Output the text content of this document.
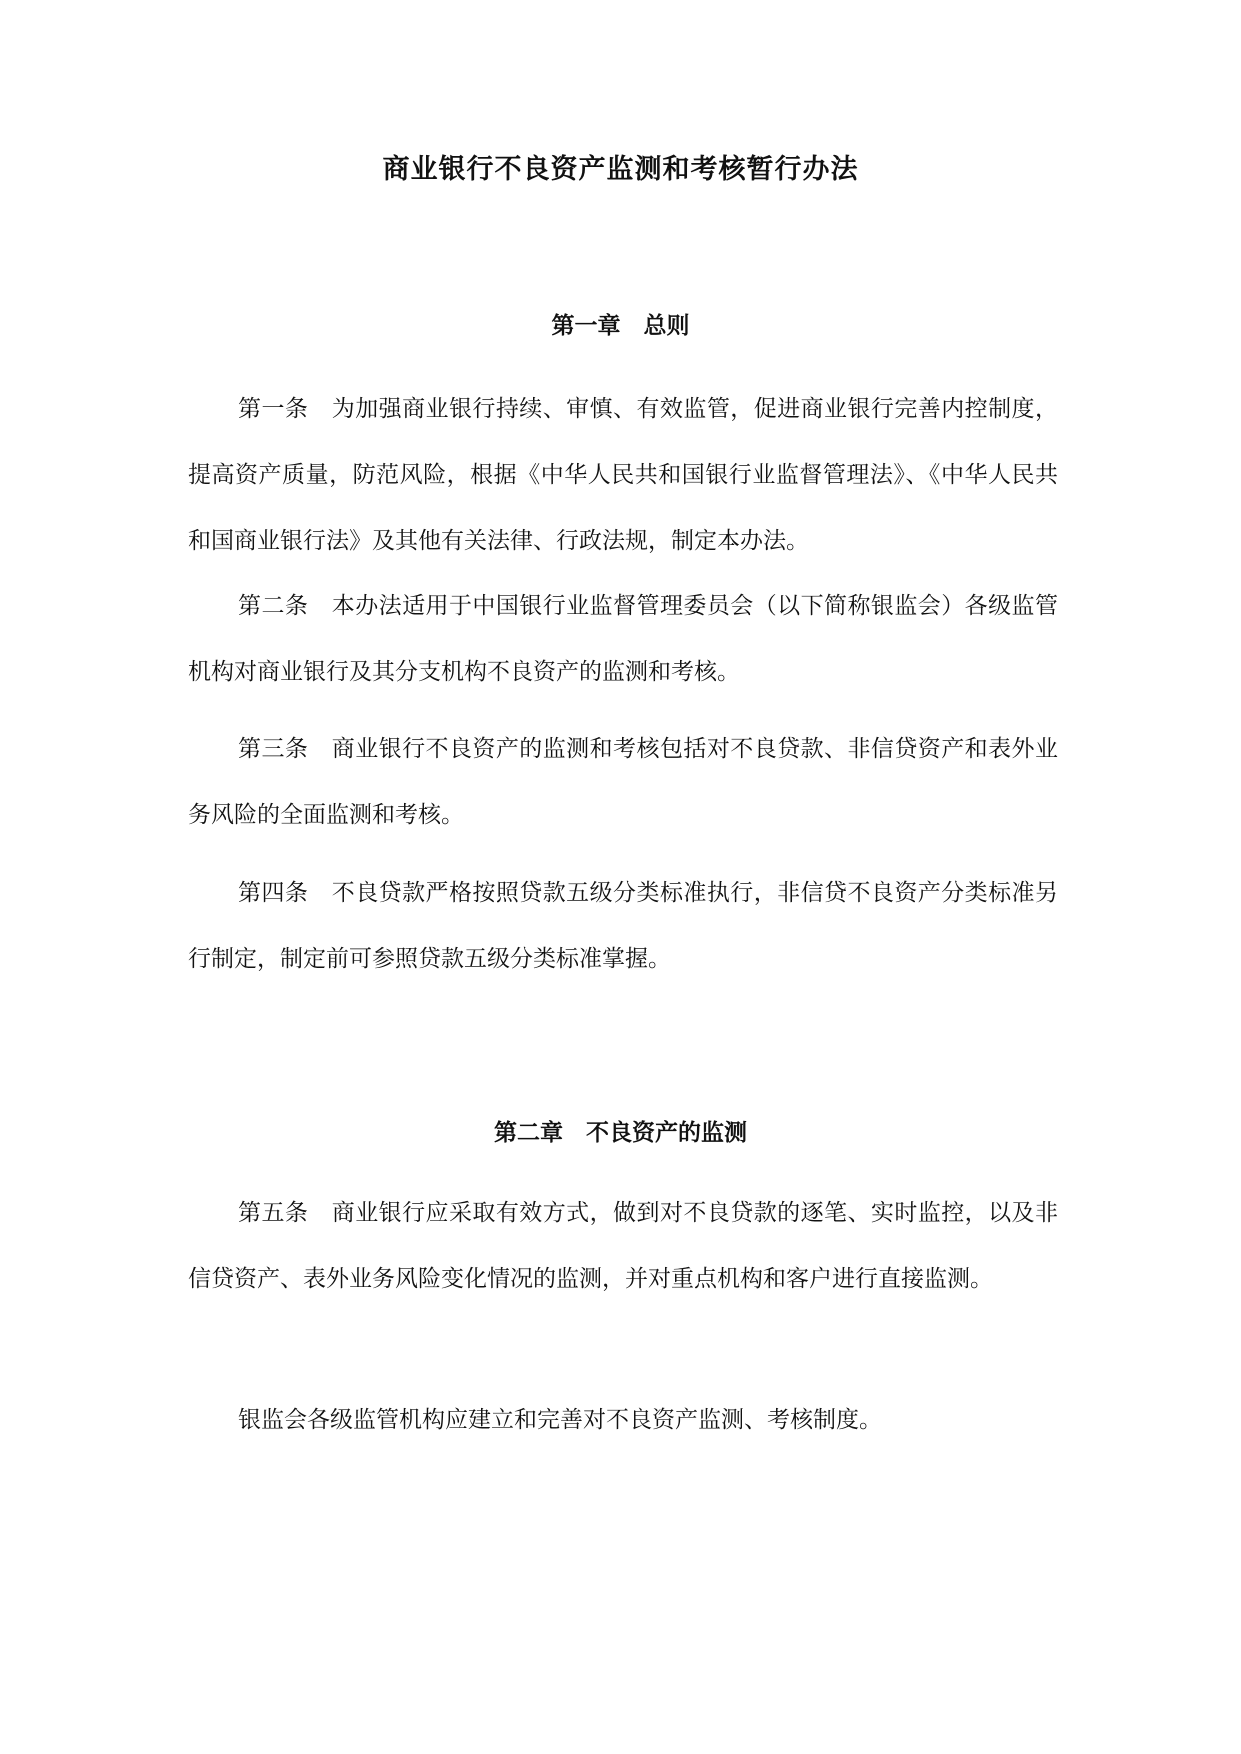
商业银行不良资产监测和考核暂行办法
第一章　总则

第一条　为加强商业银行持续、审慎、有效监管，促进商业银行完善内控制度，提高资产质量，防范风险，根据《中华人民共和国银行业监督管理法》、《中华人民共和国商业银行法》及其他有关法律、行政法规，制定本办法。

第二条　本办法适用于中国银行业监督管理委员会（以下简称银监会）各级监管机构对商业银行及其分支机构不良资产的监测和考核。

第三条　商业银行不良资产的监测和考核包括对不良贷款、非信贷资产和表外业务风险的全面监测和考核。

第四条　不良贷款严格按照贷款五级分类标准执行，非信贷不良资产分类标准另行制定，制定前可参照贷款五级分类标准掌握。

第二章　不良资产的监测

第五条　商业银行应采取有效方式，做到对不良贷款的逐笔、实时监控，以及非信贷资产、表外业务风险变化情况的监测，并对重点机构和客户进行直接监测。

银监会各级监管机构应建立和完善对不良资产监测、考核制度。
